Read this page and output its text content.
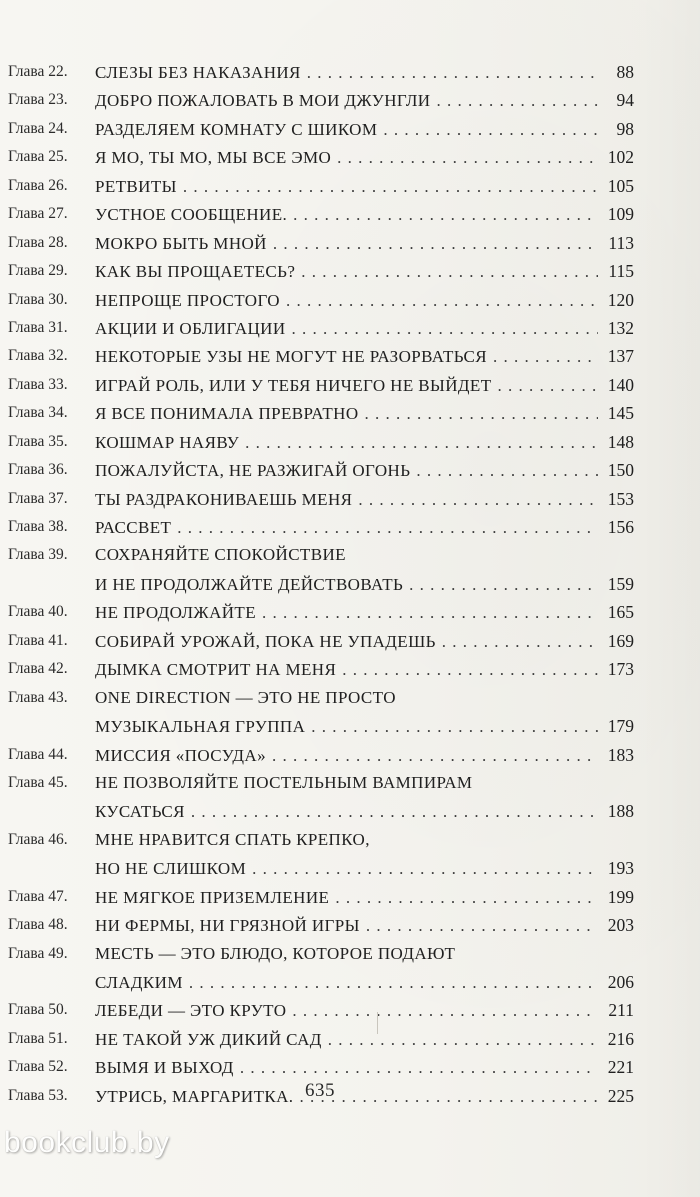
Глава 22. СЛЕЗЫ БЕЗ НАКАЗАНИЯ . . .	88
Глава 23. ДОБРО ПОЖАЛОВАТЬ В МОИ ДЖУНГЛИ . . .	94
Глава 24. РАЗДЕЛЯЕМ КОМНАТУ С ШИКОМ . . .	98
Глава 25. Я МО, ТЫ МО, МЫ ВСЕ ЭМО . . .	102
Глава 26. РЕТВИТЫ . . .	105
Глава 27. УСТНОЕ СООБЩЕНИЕ. . . .	109
Глава 28. МОКРО БЫТЬ МНОЙ . . .	113
Глава 29. КАК ВЫ ПРОЩАЕТЕСЬ? . . .	115
Глава 30. НЕПРОЩЕ ПРОСТОГО . . .	120
Глава 31. АКЦИИ И ОБЛИГАЦИИ . . .	132
Глава 32. НЕКОТОРЫЕ УЗЫ НЕ МОГУТ НЕ РАЗОРВАТЬСЯ . . .	137
Глава 33. ИГРАЙ РОЛЬ, ИЛИ У ТЕБЯ НИЧЕГО НЕ ВЫЙДЕТ . . .	140
Глава 34. Я ВСЕ ПОНИМАЛА ПРЕВРАТНО . . .	145
Глава 35. КОШМАР НАЯВУ . . .	148
Глава 36. ПОЖАЛУЙСТА, НЕ РАЗЖИГАЙ ОГОНЬ . . .	150
Глава 37. ТЫ РАЗДРАКОНИВАЕШЬ МЕНЯ . . .	153
Глава 38. РАССВЕТ . . .	156
Глава 39. СОХРАНЯЙТЕ СПОКОЙСТВИЕ
И НЕ ПРОДОЛЖАЙТЕ ДЕЙСТВОВАТЬ . . .	159
Глава 40. НЕ ПРОДОЛЖАЙТЕ . . .	165
Глава 41. СОБИРАЙ УРОЖАЙ, ПОКА НЕ УПАДЕШЬ . . .	169
Глава 42. ДЫМКА СМОТРИТ НА МЕНЯ . . .	173
Глава 43. ONE DIRECTION — ЭТО НЕ ПРОСТО
МУЗЫКАЛЬНАЯ ГРУППА . . .	179
Глава 44. МИССИЯ «ПОСУДА» . . .	183
Глава 45. НЕ ПОЗВОЛЯЙТЕ ПОСТЕЛЬНЫМ ВАМПИРАМ
КУСАТЬСЯ . . .	188
Глава 46. МНЕ НРАВИТСЯ СПАТЬ КРЕПКО,
НО НЕ СЛИШКОМ . . .	193
Глава 47. НЕ МЯГКОЕ ПРИЗЕМЛЕНИЕ . . .	199
Глава 48. НИ ФЕРМЫ, НИ ГРЯЗНОЙ ИГРЫ . . .	203
Глава 49. МЕСТЬ — ЭТО БЛЮДО, КОТОРОЕ ПОДАЮТ
СЛАДКИМ . . .	206
Глава 50. ЛЕБЕДИ — ЭТО КРУТО . . .	211
Глава 51. НЕ ТАКОЙ УЖ ДИКИЙ САД . . .	216
Глава 52. ВЫМЯ И ВЫХОД . . .	221
Глава 53. УТРИСЬ, МАРГАРИТКА. . . .	225
635
bookclub.by
